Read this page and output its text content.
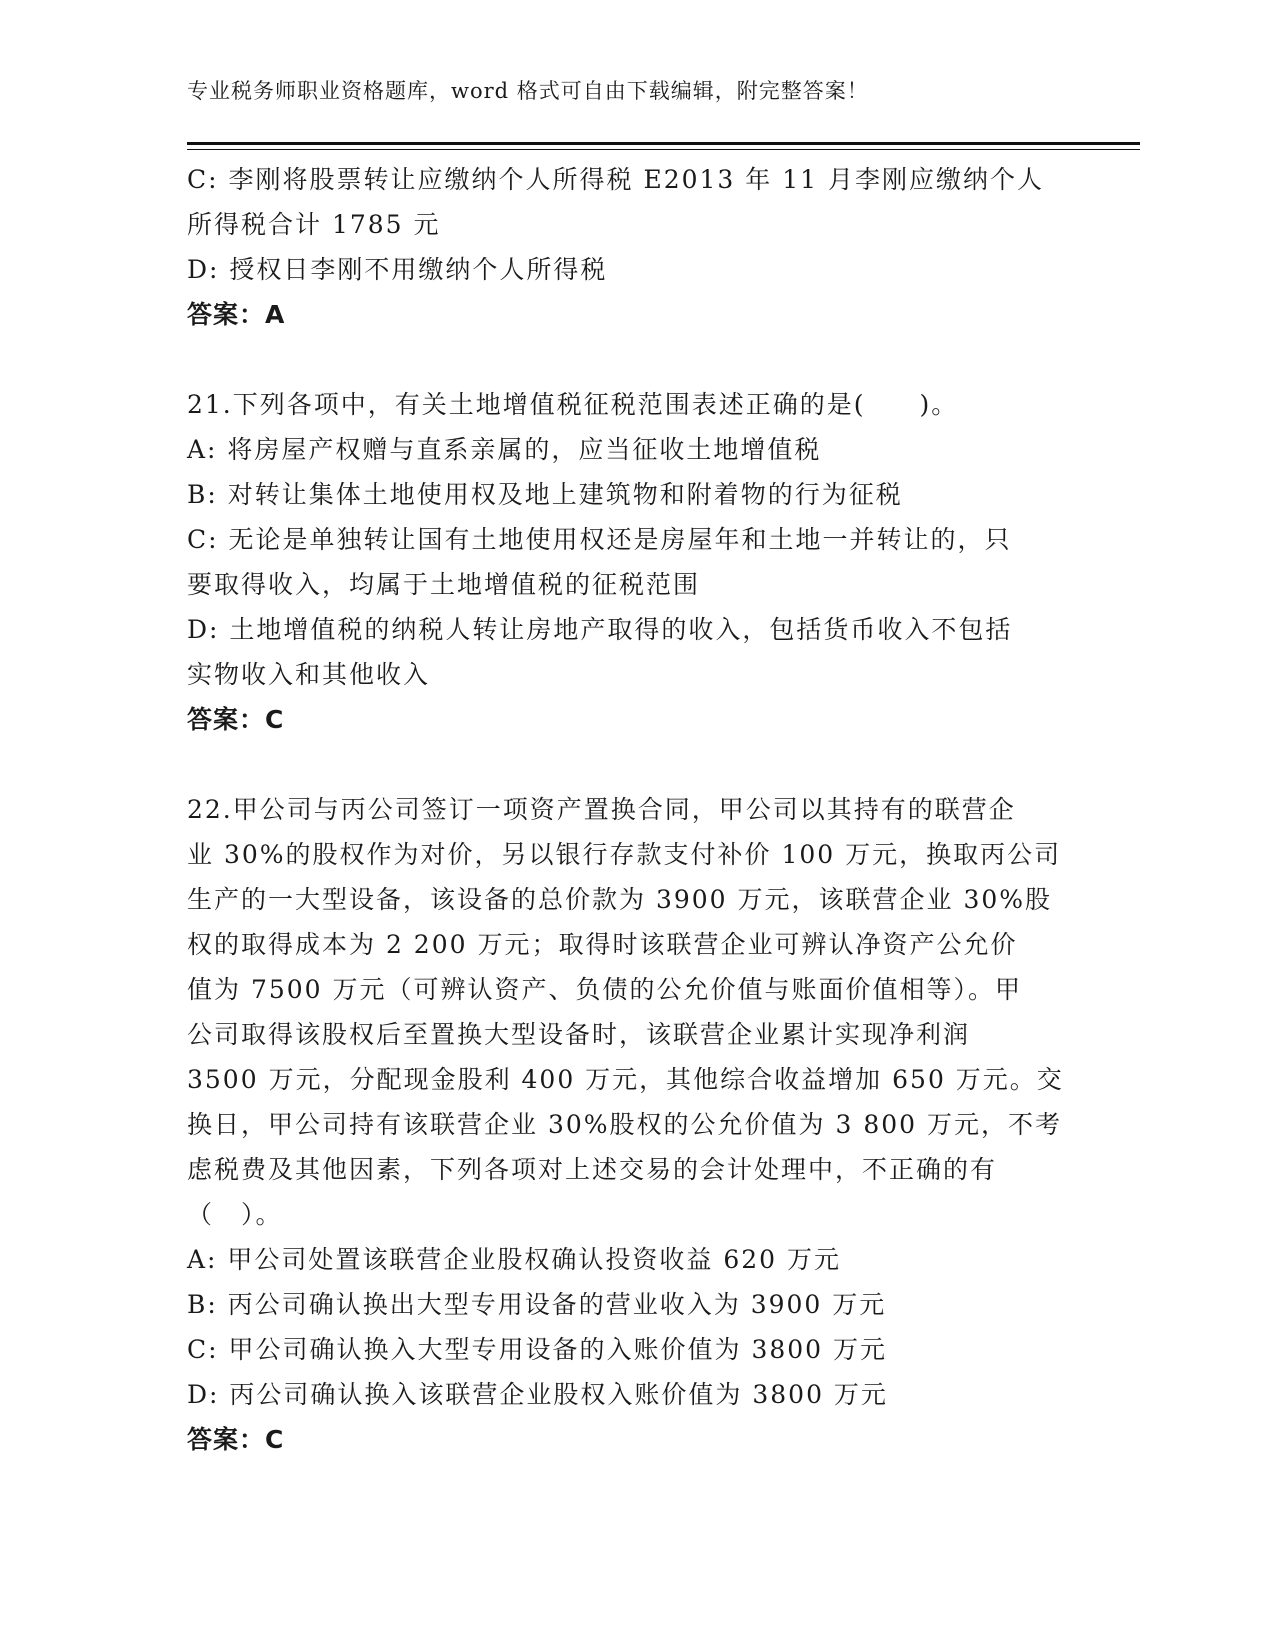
专业税务师职业资格题库，word 格式可自由下载编辑，附完整答案！
C: 李刚将股票转让应缴纳个人所得税 E2013 年 11 月李刚应缴纳个人
所得税合计 1785 元
D: 授权日李刚不用缴纳个人所得税
答案：A
21.下列各项中，有关土地增值税征税范围表述正确的是(　　)。
A: 将房屋产权赠与直系亲属的，应当征收土地增值税
B: 对转让集体土地使用权及地上建筑物和附着物的行为征税
C: 无论是单独转让国有土地使用权还是房屋年和土地一并转让的，只
要取得收入，均属于土地增值税的征税范围
D: 土地增值税的纳税人转让房地产取得的收入，包括货币收入不包括
实物收入和其他收入
答案：C
22.甲公司与丙公司签订一项资产置换合同，甲公司以其持有的联营企
业 30%的股权作为对价，另以银行存款支付补价 100 万元，换取丙公司
生产的一大型设备，该设备的总价款为 3900 万元，该联营企业 30%股
权的取得成本为 2 200 万元；取得时该联营企业可辨认净资产公允价
值为 7500 万元（可辨认资产、负债的公允价值与账面价值相等）。甲
公司取得该股权后至置换大型设备时，该联营企业累计实现净利润
3500 万元，分配现金股利 400 万元，其他综合收益增加 650 万元。交
换日，甲公司持有该联营企业 30%股权的公允价值为 3 800 万元，不考
虑税费及其他因素，下列各项对上述交易的会计处理中，不正确的有
（　）。
A: 甲公司处置该联营企业股权确认投资收益 620 万元
B: 丙公司确认换出大型专用设备的营业收入为 3900 万元
C: 甲公司确认换入大型专用设备的入账价值为 3800 万元
D: 丙公司确认换入该联营企业股权入账价值为 3800 万元
答案：C
